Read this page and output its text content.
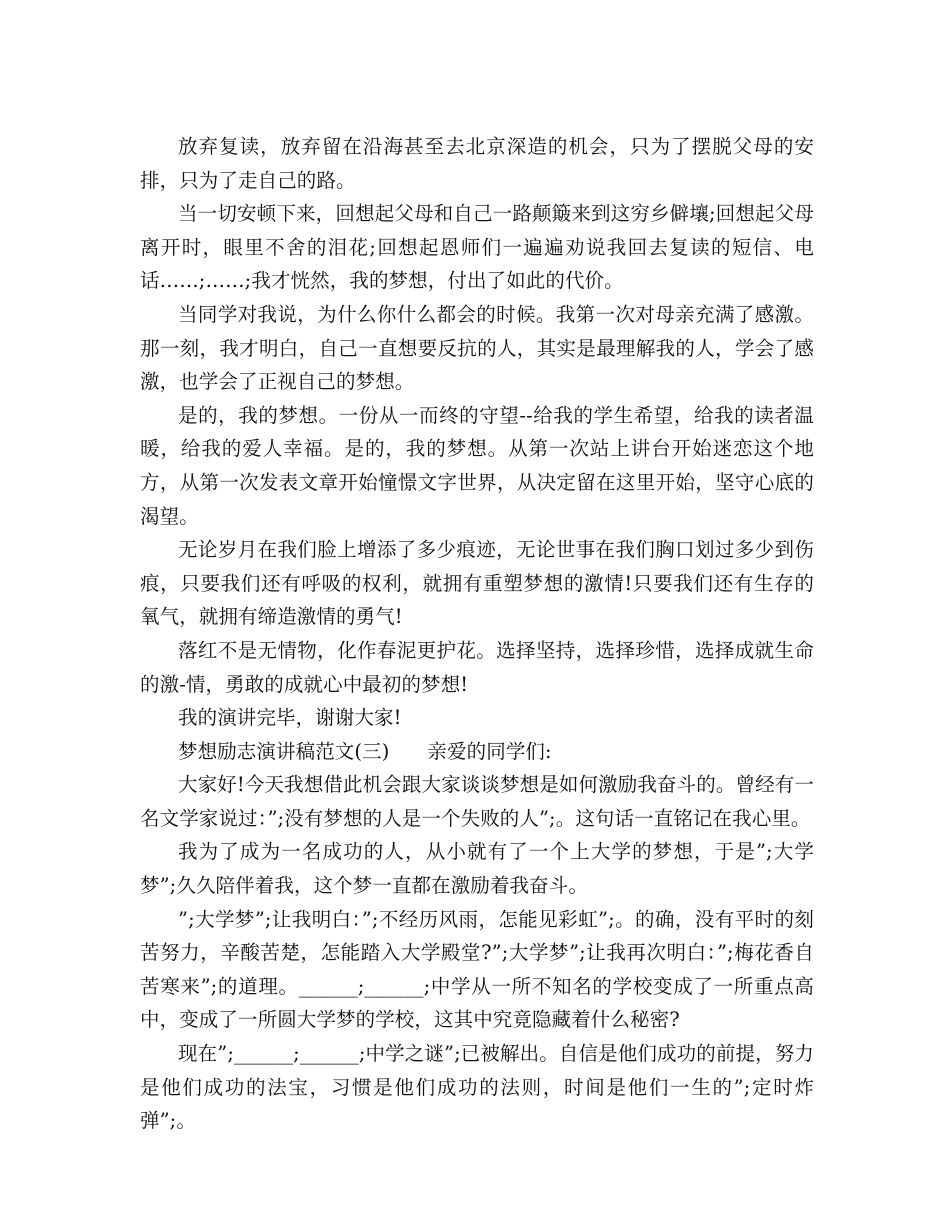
放弃复读，放弃留在沿海甚至去北京深造的机会，只为了摆脱父母的安排，只为了走自己的路。

当一切安顿下来，回想起父母和自己一路颠簸来到这穷乡僻壤;回想起父母离开时，眼里不舍的泪花;回想起恩师们一遍遍劝说我回去复读的短信、电话……;……;我才恍然，我的梦想，付出了如此的代价。

当同学对我说，为什么你什么都会的时候。我第一次对母亲充满了感激。那一刻，我才明白，自己一直想要反抗的人，其实是最理解我的人，学会了感激，也学会了正视自己的梦想。

是的，我的梦想。一份从一而终的守望--给我的学生希望，给我的读者温暖，给我的爱人幸福。是的，我的梦想。从第一次站上讲台开始迷恋这个地方，从第一次发表文章开始憧憬文字世界，从决定留在这里开始，坚守心底的渴望。

无论岁月在我们脸上增添了多少痕迹，无论世事在我们胸口划过多少到伤痕，只要我们还有呼吸的权利，就拥有重塑梦想的激情!只要我们还有生存的氧气，就拥有缔造激情的勇气!

落红不是无情物，化作春泥更护花。选择坚持，选择珍惜，选择成就生命的激-情，勇敢的成就心中最初的梦想!

我的演讲完毕，谢谢大家!

梦想励志演讲稿范文(三) 亲爱的同学们:

大家好!今天我想借此机会跟大家谈谈梦想是如何激励我奋斗的。曾经有一名文学家说过：”;没有梦想的人是一个失败的人”;。这句话一直铭记在我心里。

我为了成为一名成功的人，从小就有了一个上大学的梦想，于是”;大学梦”;久久陪伴着我，这个梦一直都在激励着我奋斗。

”;大学梦”;让我明白：”;不经历风雨，怎能见彩虹”;。的确，没有平时的刻苦努力，辛酸苦楚，怎能踏入大学殿堂?”;大学梦”;让我再次明白：”;梅花香自苦寒来”;的道理。______;______;中学从一所不知名的学校变成了一所重点高中，变成了一所圆大学梦的学校，这其中究竟隐藏着什么秘密?

现在”;______;______;中学之谜”;已被解出。自信是他们成功的前提，努力是他们成功的法宝，习惯是他们成功的法则，时间是他们一生的”;定时炸弹”;。
